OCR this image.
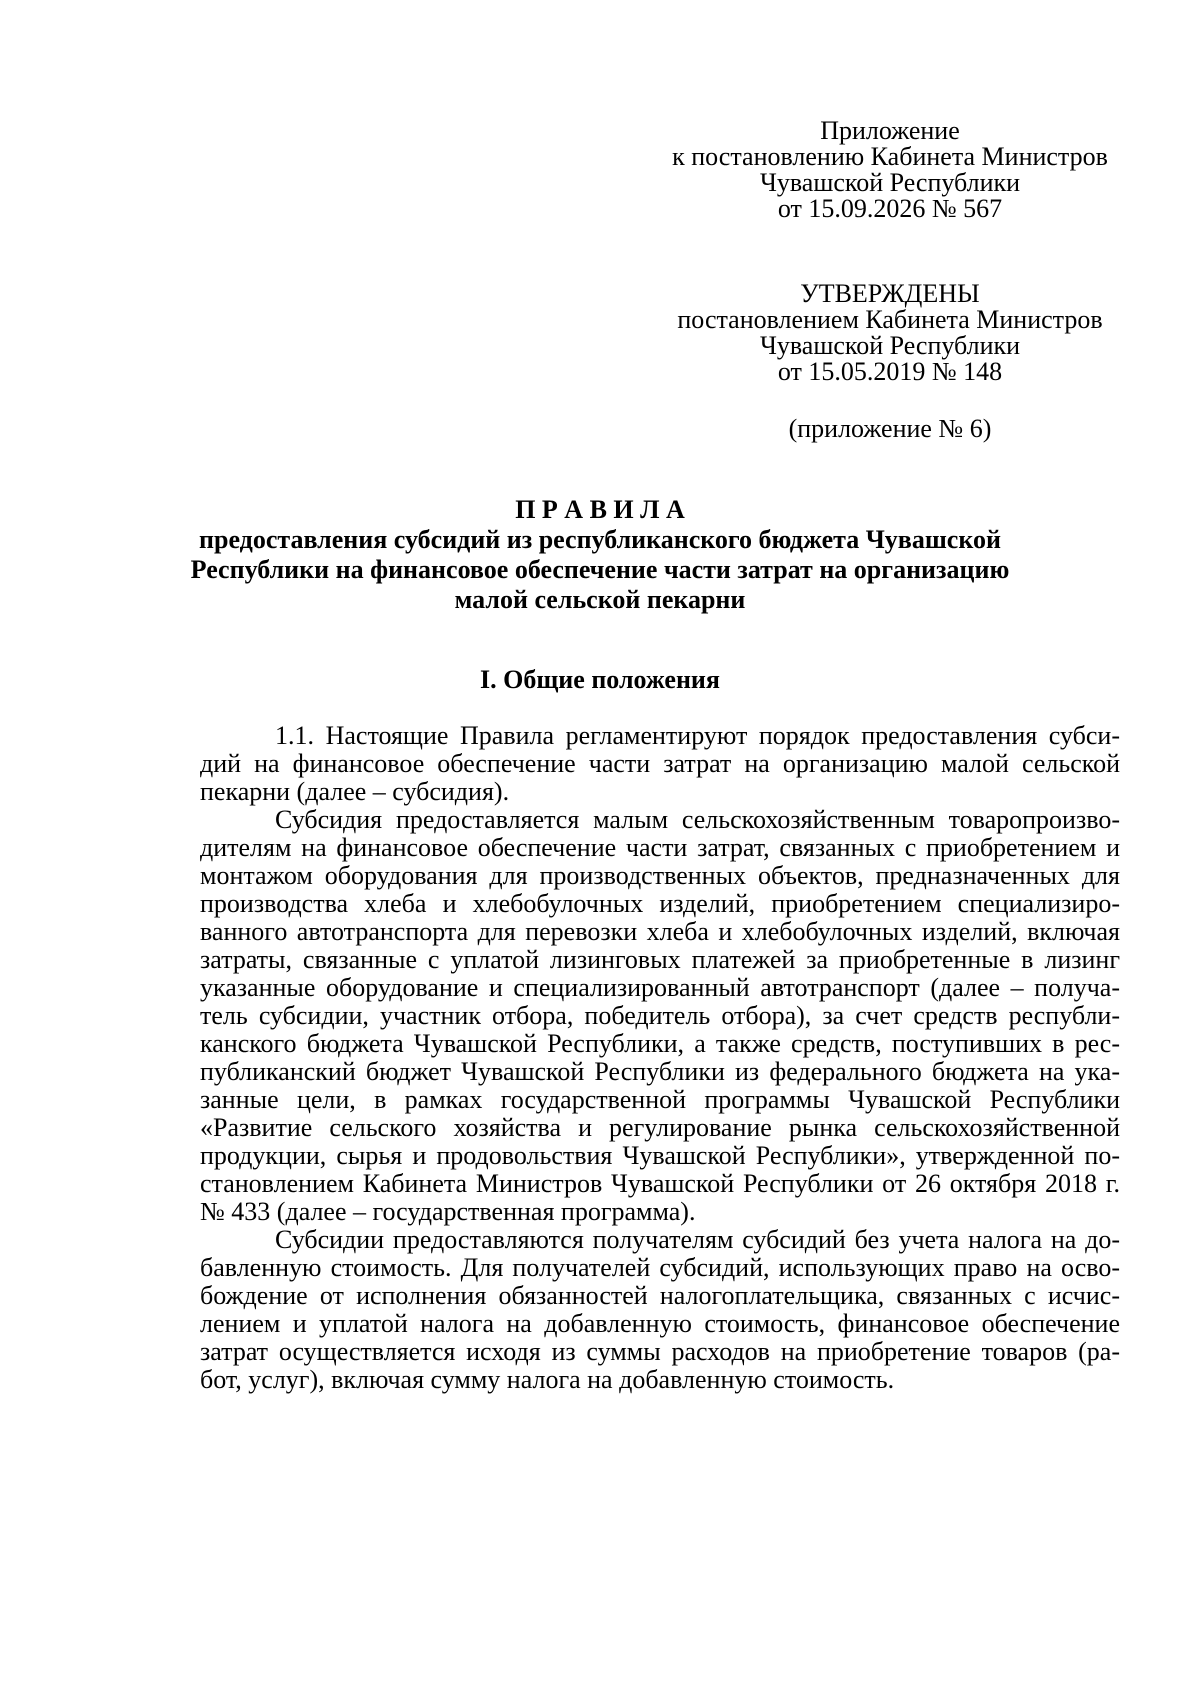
Приложение
к постановлению Кабинета Министров
Чувашской Республики
от 15.09.2026 № 567
УТВЕРЖДЕНЫ
постановлением Кабинета Министров
Чувашской Республики
от 15.05.2019 № 148
(приложение № 6)
П Р А В И Л А
предоставления субсидий из республиканского бюджета Чувашской
Республики на финансовое обеспечение части затрат на организацию
малой сельской пекарни
I. Общие положения
1.1. Настоящие Правила регламентируют порядок предоставления субси-
дий на финансовое обеспечение части затрат на организацию малой сельской
пекарни (далее – субсидия).
Субсидия предоставляется малым сельскохозяйственным товаропроизво-
дителям на финансовое обеспечение части затрат, связанных с приобретением и
монтажом оборудования для производственных объектов, предназначенных для
производства хлеба и хлебобулочных изделий, приобретением специализиро-
ванного автотранспорта для перевозки хлеба и хлебобулочных изделий, включая
затраты, связанные с уплатой лизинговых платежей за приобретенные в лизинг
указанные оборудование и специализированный автотранспорт (далее – получа-
тель субсидии, участник отбора, победитель отбора), за счет средств республи-
канского бюджета Чувашской Республики, а также средств, поступивших в рес-
публиканский бюджет Чувашской Республики из федерального бюджета на ука-
занные цели, в рамках государственной программы Чувашской Республики
«Развитие сельского хозяйства и регулирование рынка сельскохозяйственной
продукции, сырья и продовольствия Чувашской Республики», утвержденной по-
становлением Кабинета Министров Чувашской Республики от 26 октября 2018 г.
№ 433 (далее – государственная программа).
Субсидии предоставляются получателям субсидий без учета налога на до-
бавленную стоимость. Для получателей субсидий, использующих право на осво-
бождение от исполнения обязанностей налогоплательщика, связанных с исчис-
лением и уплатой налога на добавленную стоимость, финансовое обеспечение
затрат осуществляется исходя из суммы расходов на приобретение товаров (ра-
бот, услуг), включая сумму налога на добавленную стоимость.
